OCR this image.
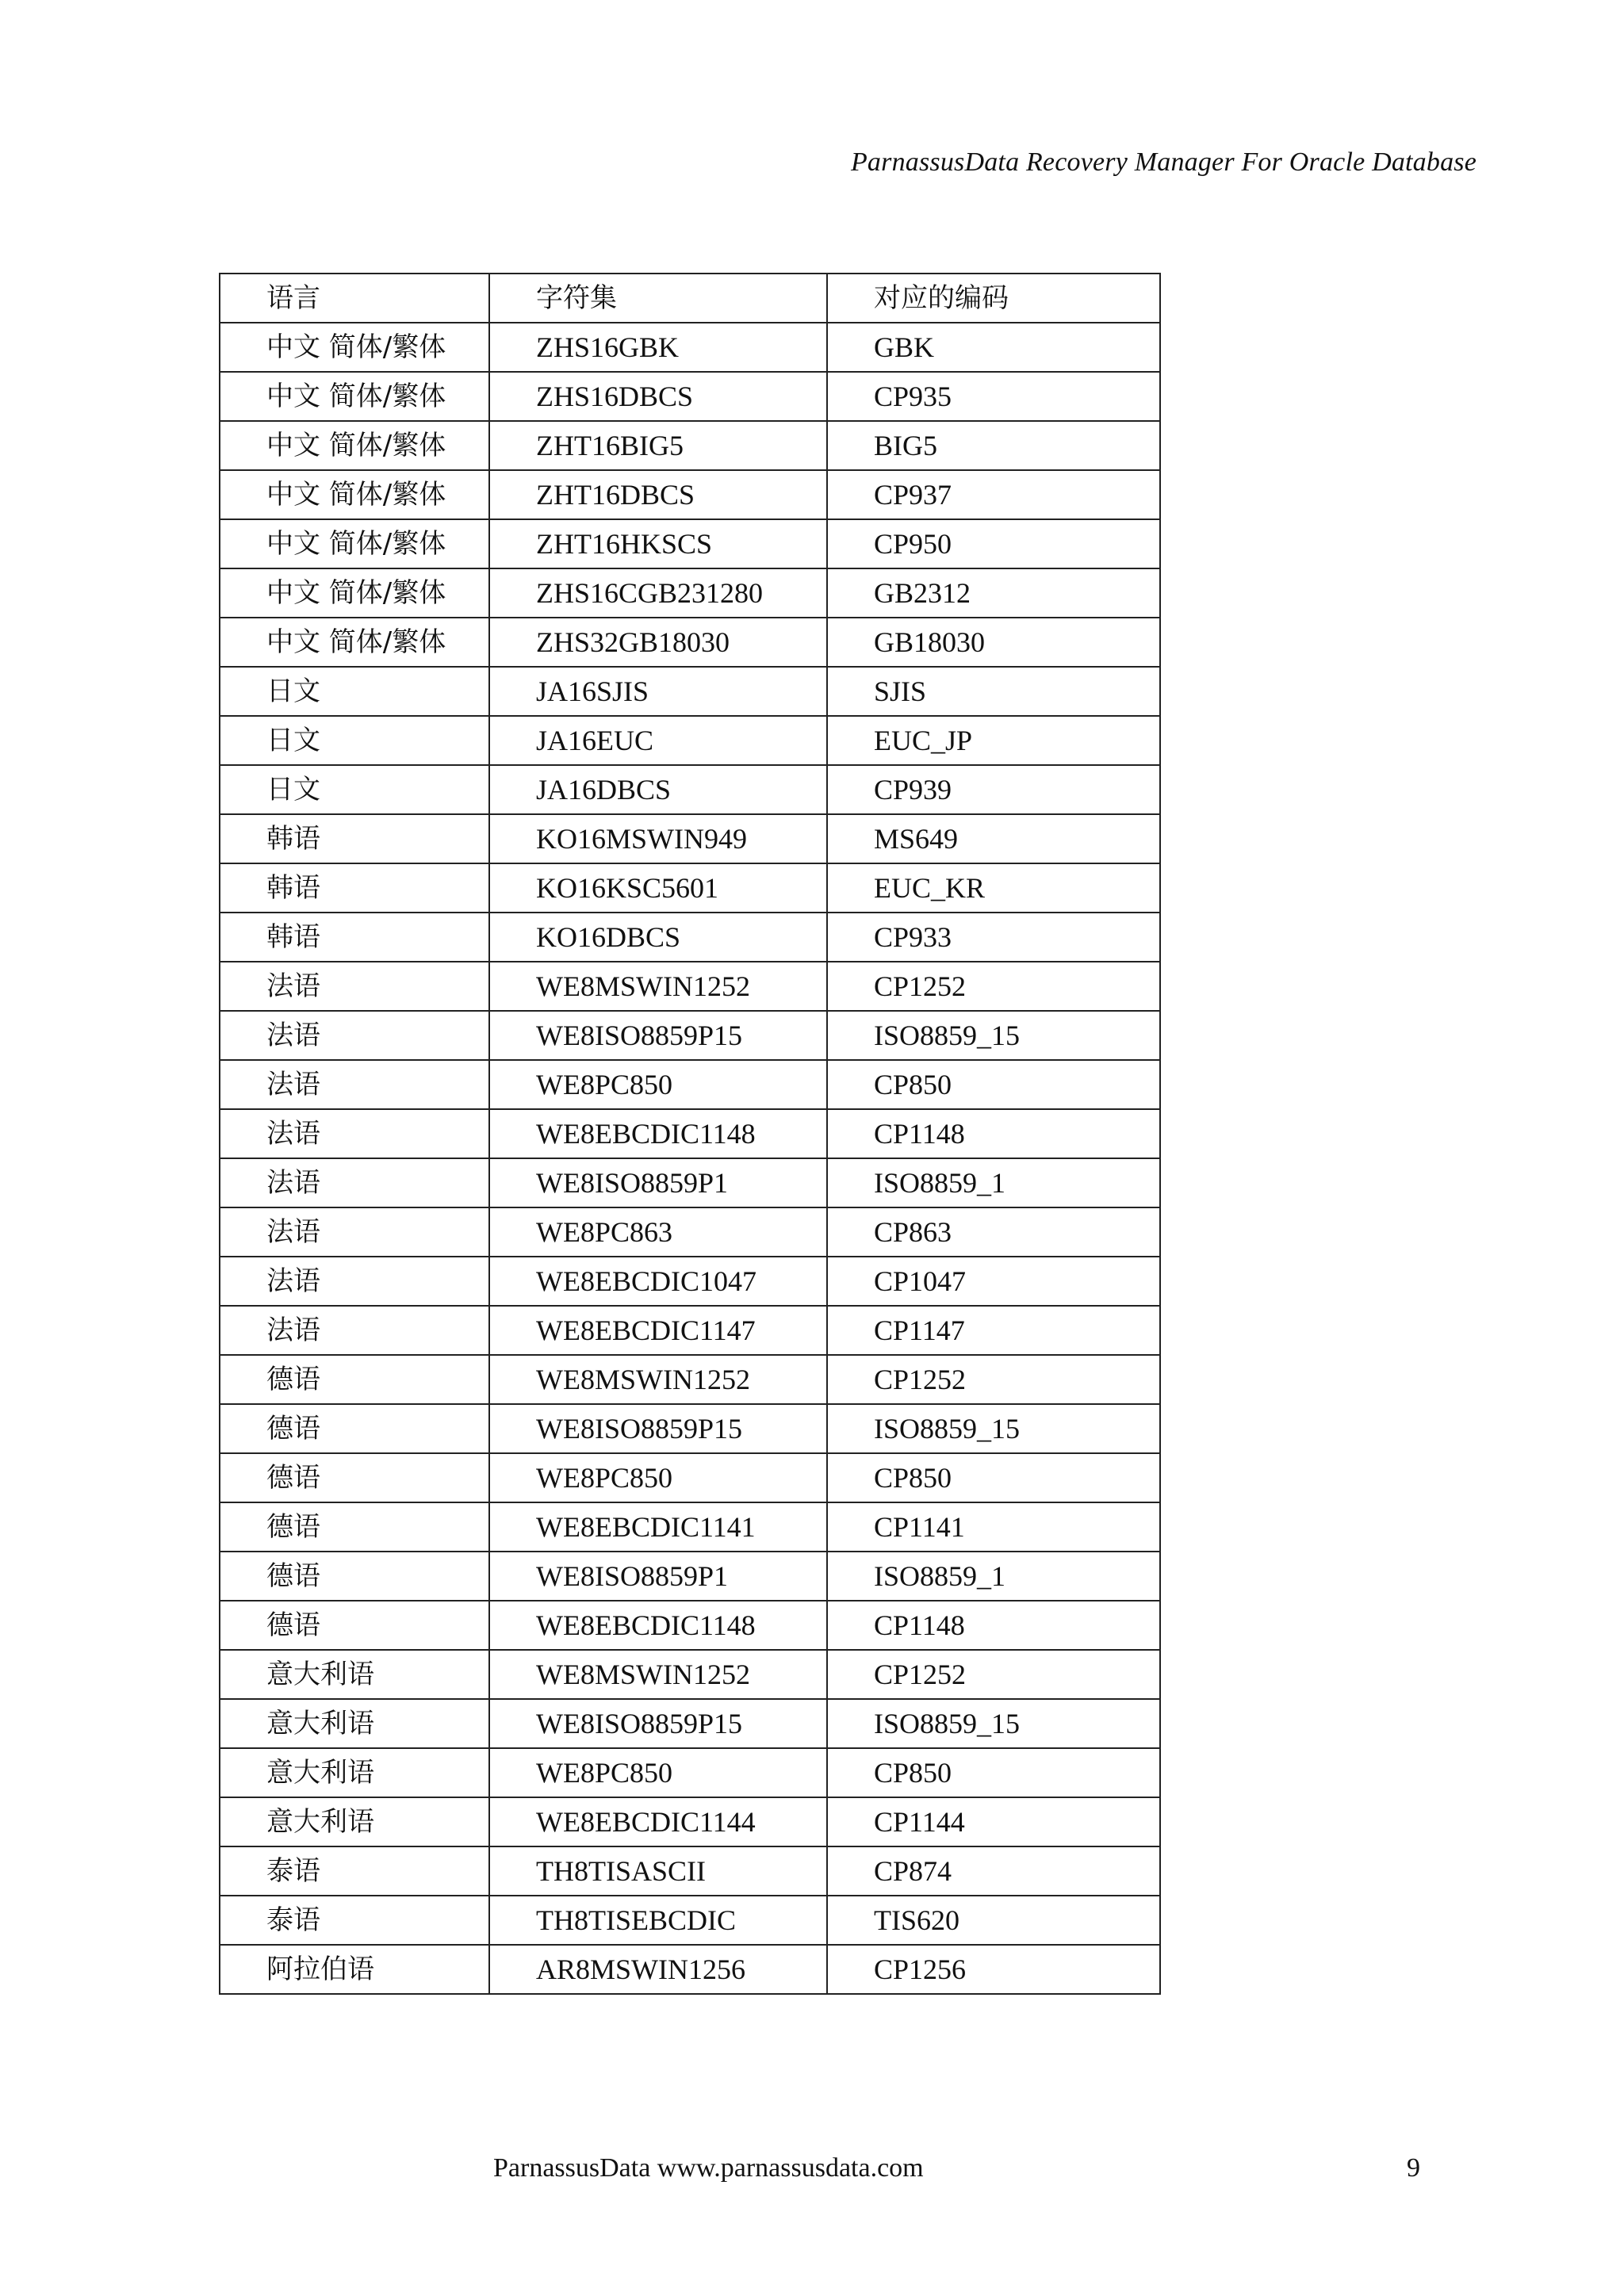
ParnassusData Recovery Manager For Oracle Database
语言	字符集	对应的编码
中文 简体/繁体	ZHS16GBK	GBK
中文 简体/繁体	ZHS16DBCS	CP935
中文 简体/繁体	ZHT16BIG5	BIG5
中文 简体/繁体	ZHT16DBCS	CP937
中文 简体/繁体	ZHT16HKSCS	CP950
中文 简体/繁体	ZHS16CGB231280	GB2312
中文 简体/繁体	ZHS32GB18030	GB18030
日文	JA16SJIS	SJIS
日文	JA16EUC	EUC_JP
日文	JA16DBCS	CP939
韩语	KO16MSWIN949	MS649
韩语	KO16KSC5601	EUC_KR
韩语	KO16DBCS	CP933
法语	WE8MSWIN1252	CP1252
法语	WE8ISO8859P15	ISO8859_15
法语	WE8PC850	CP850
法语	WE8EBCDIC1148	CP1148
法语	WE8ISO8859P1	ISO8859_1
法语	WE8PC863	CP863
法语	WE8EBCDIC1047	CP1047
法语	WE8EBCDIC1147	CP1147
德语	WE8MSWIN1252	CP1252
德语	WE8ISO8859P15	ISO8859_15
德语	WE8PC850	CP850
德语	WE8EBCDIC1141	CP1141
德语	WE8ISO8859P1	ISO8859_1
德语	WE8EBCDIC1148	CP1148
意大利语	WE8MSWIN1252	CP1252
意大利语	WE8ISO8859P15	ISO8859_15
意大利语	WE8PC850	CP850
意大利语	WE8EBCDIC1144	CP1144
泰语	TH8TISASCII	CP874
泰语	TH8TISEBCDIC	TIS620
阿拉伯语	AR8MSWIN1256	CP1256
ParnassusData www.parnassusdata.com	9
